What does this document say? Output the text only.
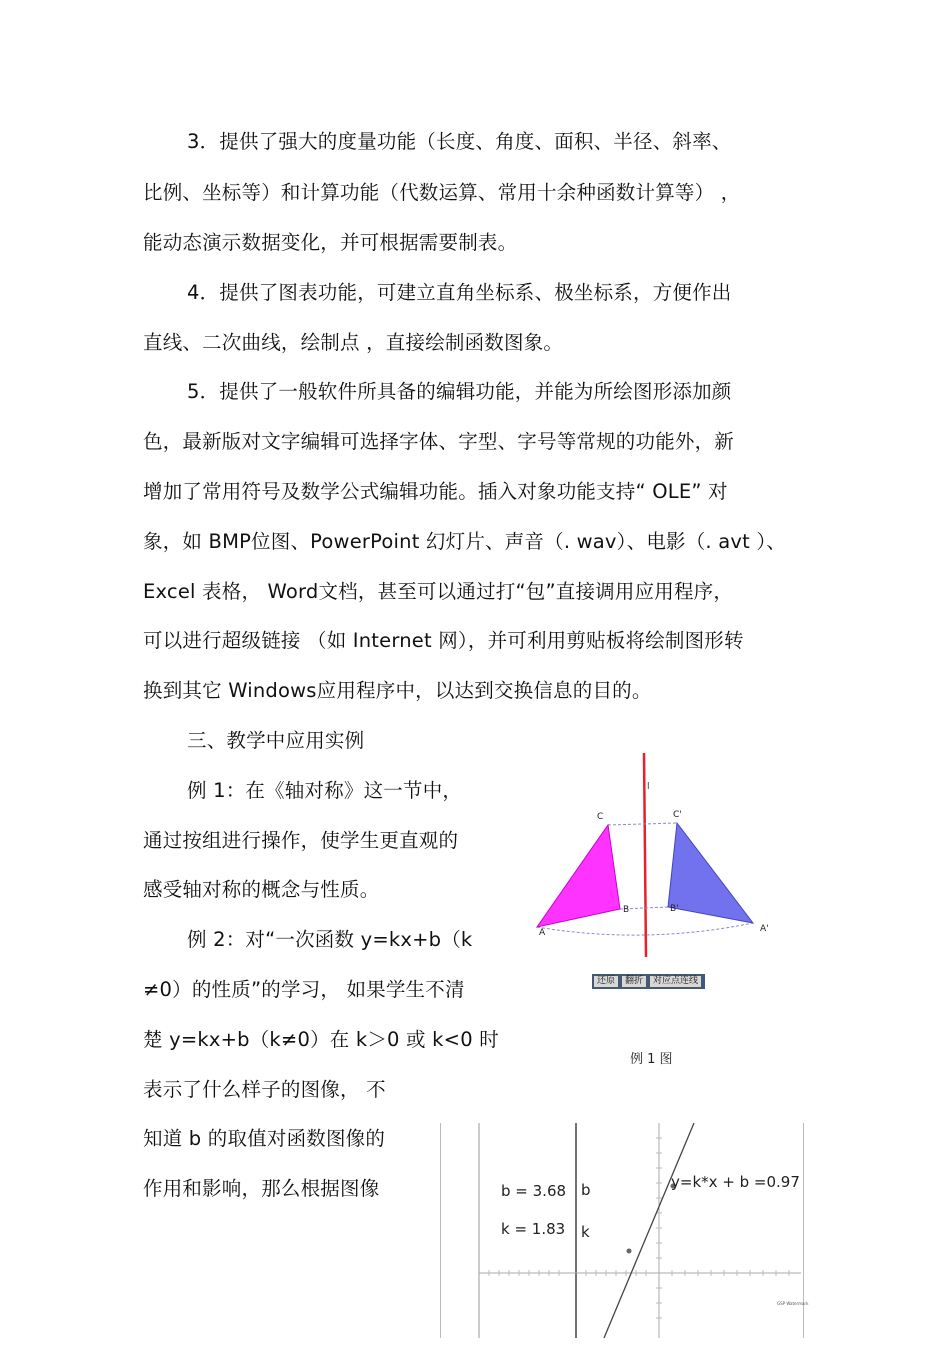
3．提供了强大的度量功能（长度、角度、面积、半径、斜率、
比例、坐标等）和计算功能（代数运算、常用十余种函数计算等） ，
能动态演示数据变化，并可根据需要制表。
4．提供了图表功能，可建立直角坐标系、极坐标系，方便作出
直线、二次曲线，绘制点 ，直接绘制函数图象。
5．提供了一般软件所具备的编辑功能，并能为所绘图形添加颜
色，最新版对文字编辑可选择字体、字型、字号等常规的功能外，新
增加了常用符号及数学公式编辑功能。插入对象功能支持“ OLE” 对
象，如 BMP位图、PowerPoint 幻灯片、声音（. wav）、电影（. avt ）、
Excel 表格， Word文档，甚至可以通过打“包”直接调用应用程序，
可以进行超级链接 （如 Internet 网），并可利用剪贴板将绘制图形转
换到其它 Windows应用程序中，以达到交换信息的目的。
三、教学中应用实例
例 1：在《轴对称》这一节中，
通过按组进行操作，使学生更直观的
感受轴对称的概念与性质。
例 2：对“一次函数 y=kx+b（k
≠0）的性质”的学习， 如果学生不清
楚 y=kx+b（k≠0）在 k＞0 或 k<0 时
表示了什么样子的图像， 不
知道 b 的取值对函数图像的
作用和影响，那么根据图像
l
A
B
C
A'
B'
C'
还原	翻折	对应点连线
例 1 图
b = 3.68
k = 1.83
b
k
y=k*x + b =0.97
GSP Watermark
